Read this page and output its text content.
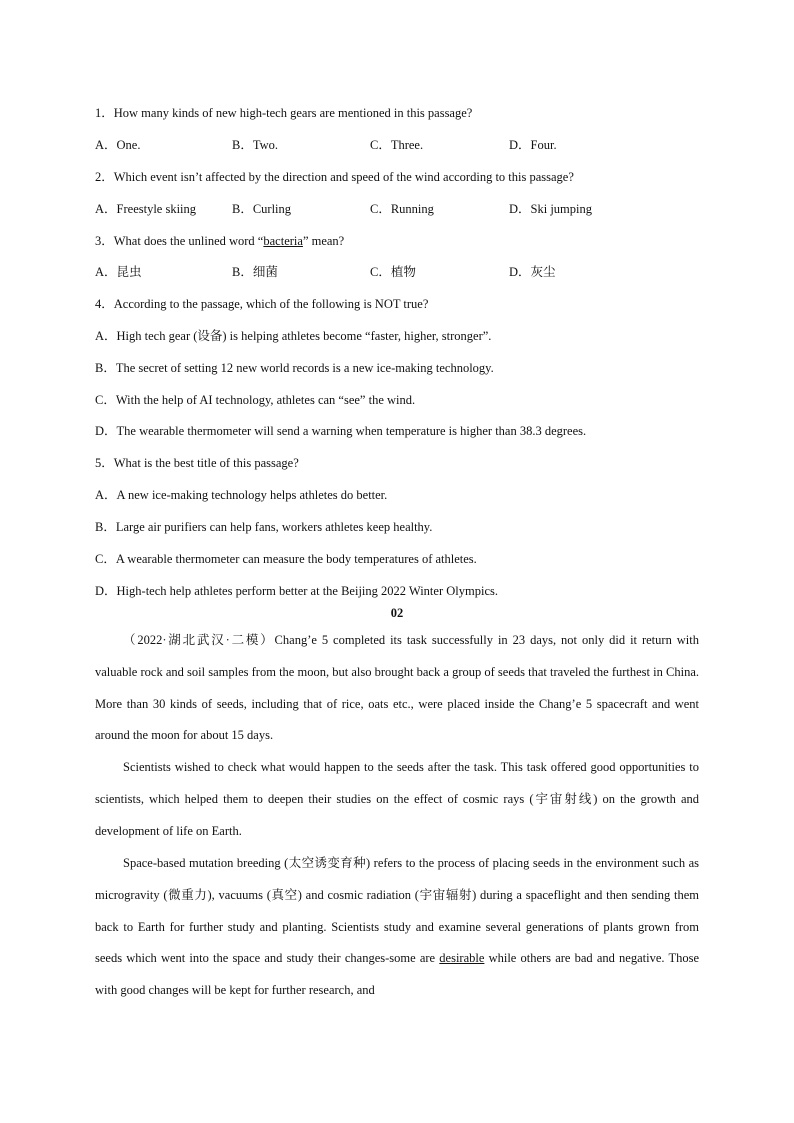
1．How many kinds of new high-tech gears are mentioned in this passage?
A．One.	B．Two.	C．Three.	D．Four.
2．Which event isn’t affected by the direction and speed of the wind according to this passage?
A．Freestyle skiing	B．Curling	C．Running	D．Ski jumping
3．What does the unlined word “bacteria” mean?
A．昆虫	B．细菌	C．植物	D．灰尘
4．According to the passage, which of the following is NOT true?
A．High tech gear (设备) is helping athletes become “faster, higher, stronger”.
B．The secret of setting 12 new world records is a new ice-making technology.
C．With the help of AI technology, athletes can “see” the wind.
D．The wearable thermometer will send a warning when temperature is higher than 38.3 degrees.
5．What is the best title of this passage?
A．A new ice-making technology helps athletes do better.
B．Large air purifiers can help fans, workers athletes keep healthy.
C．A wearable thermometer can measure the body temperatures of athletes.
D．High-tech help athletes perform better at the Beijing 2022 Winter Olympics.
02
（2022·湖北武汉·二模）Chang’e 5 completed its task successfully in 23 days, not only did it return with valuable rock and soil samples from the moon, but also brought back a group of seeds that traveled the furthest in China. More than 30 kinds of seeds, including that of rice, oats etc., were placed inside the Chang’e 5 spacecraft and went around the moon for about 15 days.
Scientists wished to check what would happen to the seeds after the task. This task offered good opportunities to scientists, which helped them to deepen their studies on the effect of cosmic rays (宇宙射线) on the growth and development of life on Earth.
Space-based mutation breeding (太空诱变育种) refers to the process of placing seeds in the environment such as microgravity (微重力), vacuums (真空) and cosmic radiation (宇宙辐射) during a spaceflight and then sending them back to Earth for further study and planting. Scientists study and examine several generations of plants grown from seeds which went into the space and study their changes-some are desirable while others are bad and negative. Those with good changes will be kept for further research, and
